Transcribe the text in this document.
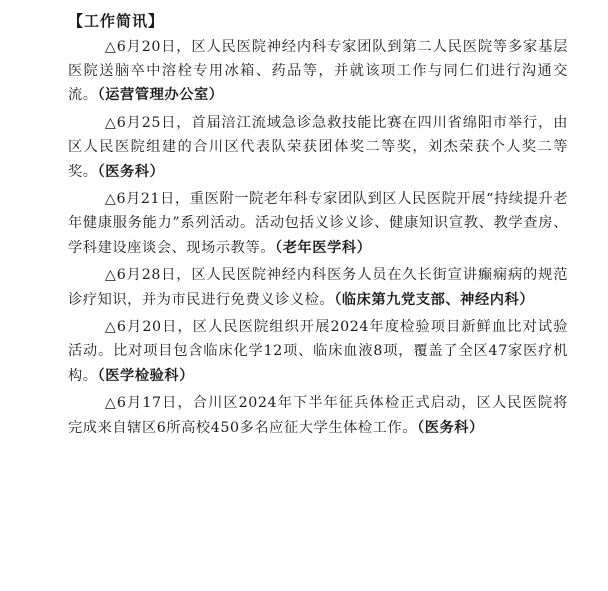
【工作简讯】

△6月20日，区人民医院神经内科专家团队到第二人民医院等多家基层医院送脑卒中溶栓专用冰箱、药品等，并就该项工作与同仁们进行沟通交流。（运营管理办公室）

△6月25日，首届涪江流域急诊急救技能比赛在四川省绵阳市举行，由区人民医院组建的合川区代表队荣获团体奖二等奖，刘杰荣获个人奖二等奖。（医务科）

△6月21日，重医附一院老年科专家团队到区人民医院开展“持续提升老年健康服务能力”系列活动。活动包括义诊义诊、健康知识宣教、教学查房、学科建设座谈会、现场示教等。（老年医学科）

△6月28日，区人民医院神经内科医务人员在久长街宣讲癫痫病的规范诊疗知识，并为市民进行免费义诊义检。（临床第九党支部、神经内科）

△6月20日，区人民医院组织开展2024年度检验项目新鲜血比对试验活动。比对项目包含临床化学12项、临床血液8项，覆盖了全区47家医疗机构。（医学检验科）

△6月17日，合川区2024年下半年征兵体检正式启动，区人民医院将完成来自辖区6所高校450多名应征大学生体检工作。（医务科）
